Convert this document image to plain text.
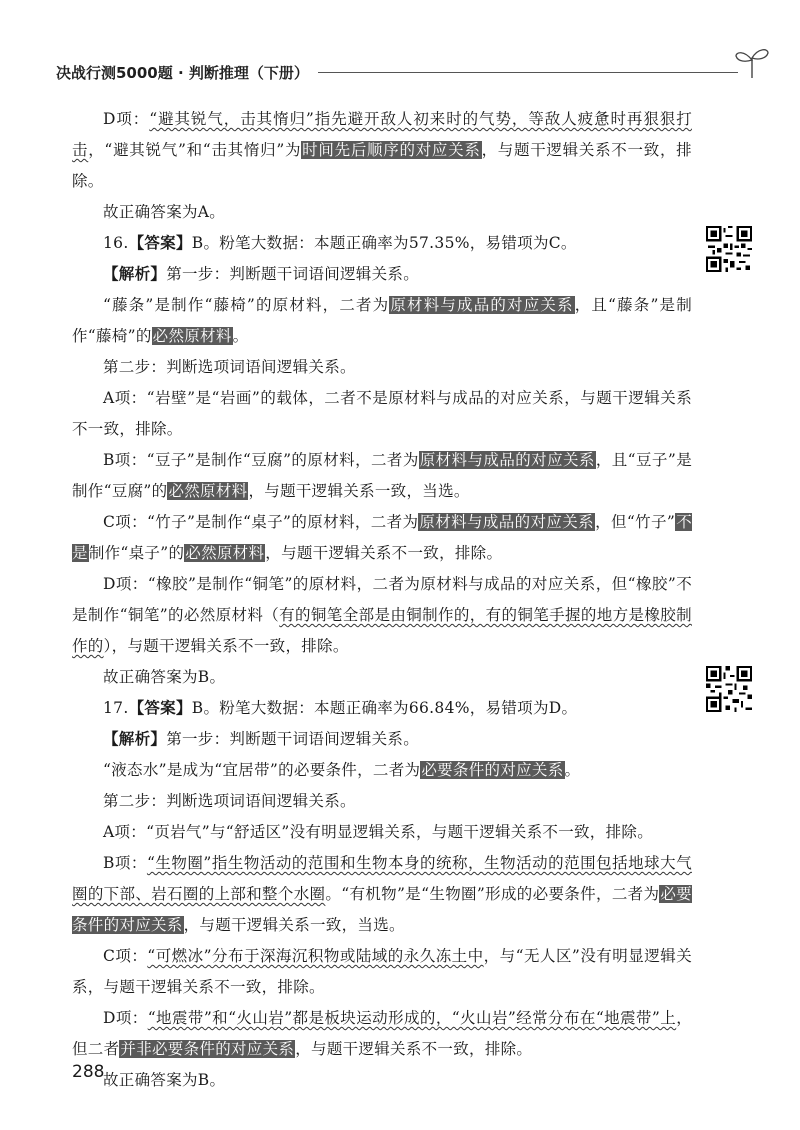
决战行测5000题 · 判断推理（下册）

D项：“避其锐气，击其惰归”指先避开敌人初来时的气势，等敌人疲惫时再狠狠打击，“避其锐气”和“击其惰归”为时间先后顺序的对应关系，与题干逻辑关系不一致，排除。

故正确答案为A。

16.【答案】B。粉笔大数据：本题正确率为57.35%，易错项为C。

【解析】第一步：判断题干词语间逻辑关系。

“藤条”是制作“藤椅”的原材料，二者为原材料与成品的对应关系，且“藤条”是制作“藤椅”的必然原材料。

第二步：判断选项词语间逻辑关系。

A项：“岩壁”是“岩画”的载体，二者不是原材料与成品的对应关系，与题干逻辑关系不一致，排除。

B项：“豆子”是制作“豆腐”的原材料，二者为原材料与成品的对应关系，且“豆子”是制作“豆腐”的必然原材料，与题干逻辑关系一致，当选。

C项：“竹子”是制作“桌子”的原材料，二者为原材料与成品的对应关系，但“竹子”不是制作“桌子”的必然原材料，与题干逻辑关系不一致，排除。

D项：“橡胶”是制作“铜笔”的原材料，二者为原材料与成品的对应关系，但“橡胶”不是制作“铜笔”的必然原材料（有的铜笔全部是由铜制作的，有的铜笔手握的地方是橡胶制作的），与题干逻辑关系不一致，排除。

故正确答案为B。

17.【答案】B。粉笔大数据：本题正确率为66.84%，易错项为D。

【解析】第一步：判断题干词语间逻辑关系。

“液态水”是成为“宜居带”的必要条件，二者为必要条件的对应关系。

第二步：判断选项词语间逻辑关系。

A项：“页岩气”与“舒适区”没有明显逻辑关系，与题干逻辑关系不一致，排除。

B项：“生物圈”指生物活动的范围和生物本身的统称，生物活动的范围包括地球大气圈的下部、岩石圈的上部和整个水圈。“有机物”是“生物圈”形成的必要条件，二者为必要条件的对应关系，与题干逻辑关系一致，当选。

C项：“可燃冰”分布于深海沉积物或陆域的永久冻土中，与“无人区”没有明显逻辑关系，与题干逻辑关系不一致，排除。

D项：“地震带”和“火山岩”都是板块运动形成的，“火山岩”经常分布在“地震带”上，但二者并非必要条件的对应关系，与题干逻辑关系不一致，排除。

故正确答案为B。

288
